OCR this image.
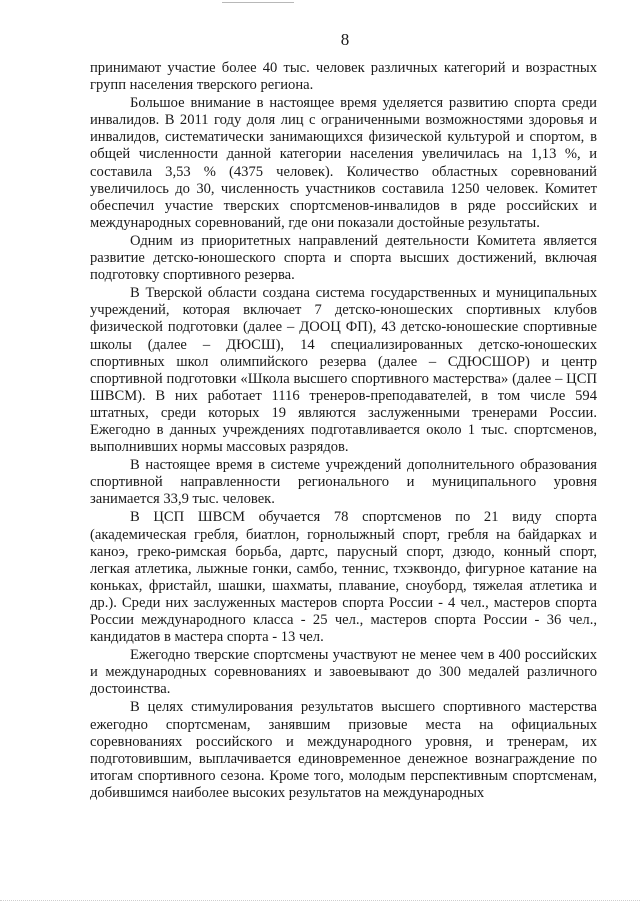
8

принимают участие более 40 тыс. человек различных категорий и возрастных групп населения тверского региона.

Большое внимание в настоящее время уделяется развитию спорта среди инвалидов. В 2011 году доля лиц с ограниченными возможностями здоровья и инвалидов, систематически занимающихся физической культурой и спортом, в общей численности данной категории населения увеличилась на 1,13 %, и составила 3,53 % (4375 человек). Количество областных соревнований увеличилось до 30, численность участников составила 1250 человек. Комитет обеспечил участие тверских спортсменов-инвалидов в ряде российских и международных соревнований, где они показали достойные результаты.

Одним из приоритетных направлений деятельности Комитета является развитие детско-юношеского спорта и спорта высших достижений, включая подготовку спортивного резерва.

В Тверской области создана система государственных и муниципальных учреждений, которая включает 7 детско-юношеских спортивных клубов физической подготовки (далее – ДООЦ ФП), 43 детско-юношеские спортивные школы (далее – ДЮСШ), 14 специализированных детско-юношеских спортивных школ олимпийского резерва (далее – СДЮСШОР) и центр спортивной подготовки «Школа высшего спортивного мастерства» (далее – ЦСП ШВСМ). В них работает 1116 тренеров-преподавателей, в том числе 594 штатных, среди которых 19 являются заслуженными тренерами России. Ежегодно в данных учреждениях подготавливается около 1 тыс. спортсменов, выполнивших нормы массовых разрядов.

В настоящее время в системе учреждений дополнительного образования спортивной направленности регионального и муниципального уровня занимается 33,9 тыс. человек.

В ЦСП ШВСМ обучается 78 спортсменов по 21 виду спорта (академическая гребля, биатлон, горнолыжный спорт, гребля на байдарках и каноэ, греко-римская борьба, дартс, парусный спорт, дзюдо, конный спорт, легкая атлетика, лыжные гонки, самбо, теннис, тхэквондо, фигурное катание на коньках, фристайл, шашки, шахматы, плавание, сноуборд, тяжелая атлетика и др.). Среди них заслуженных мастеров спорта России - 4 чел., мастеров спорта России международного класса - 25 чел., мастеров спорта России - 36 чел., кандидатов в мастера спорта - 13 чел.

Ежегодно тверские спортсмены участвуют не менее чем в 400 российских и международных соревнованиях и завоевывают до 300 медалей различного достоинства.

В целях стимулирования результатов высшего спортивного мастерства ежегодно спортсменам, занявшим призовые места на официальных соревнованиях российского и международного уровня, и тренерам, их подготовившим, выплачивается единовременное денежное вознаграждение по итогам спортивного сезона. Кроме того, молодым перспективным спортсменам, добившимся наиболее высоких результатов на международных
